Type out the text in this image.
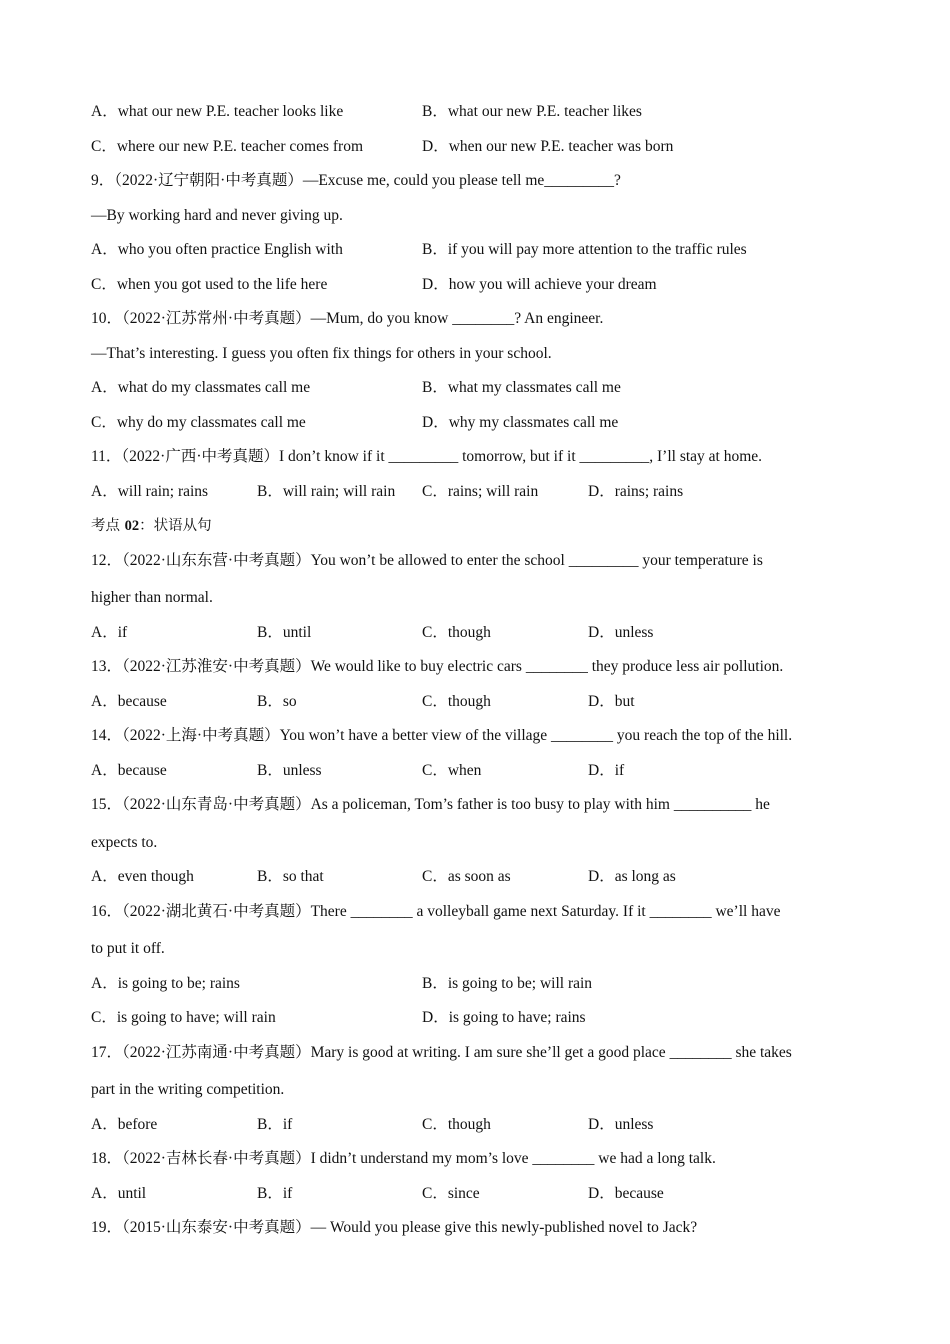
A．what our new P.E. teacher looks like	B．what our new P.E. teacher likes
C．where our new P.E. teacher comes from	D．when our new P.E. teacher was born
9．（2022·辽宁朝阳·中考真题）—Excuse me, could you please tell me_________?
—By working hard and never giving up.
A．who you often practice English with	B．if you will pay more attention to the traffic rules
C．when you got used to the life here	D．how you will achieve your dream
10．（2022·江苏常州·中考真题）—Mum, do you know ________? An engineer.
—That’s interesting. I guess you often fix things for others in your school.
A．what do my classmates call me	B．what my classmates call me
C．why do my classmates call me	D．why my classmates call me
11．（2022·广西·中考真题）I don’t know if it _________ tomorrow, but if it _________, I’ll stay at home.
A．will rain; rains	B．will rain; will rain C．rains; will rain	D．rains; rains
考点 02：状语从句
12．（2022·山东东营·中考真题）You won’t be allowed to enter the school _________ your temperature is
higher than normal.
A．if	B．until	C．though	D．unless
13．（2022·江苏淮安·中考真题）We would like to buy electric cars ________ they produce less air pollution.
A．because	B．so	C．though	D．but
14．（2022·上海·中考真题）You won’t have a better view of the village ________ you reach the top of the hill.
A．because	B．unless	C．when	D．if
15．（2022·山东青岛·中考真题）As a policeman, Tom’s father is too busy to play with him __________ he
expects to.
A．even though	B．so that	C．as soon as	D．as long as
16．（2022·湖北黄石·中考真题）There ________ a volleyball game next Saturday. If it ________ we’ll have
to put it off.
A．is going to be; rains	B．is going to be; will rain
C．is going to have; will rain	D．is going to have; rains
17．（2022·江苏南通·中考真题）Mary is good at writing. I am sure she’ll get a good place ________ she takes
part in the writing competition.
A．before	B．if	C．though	D．unless
18．（2022·吉林长春·中考真题）I didn’t understand my mom’s love ________ we had a long talk.
A．until	B．if	C．since	D．because
19．（2015·山东泰安·中考真题）— Would you please give this newly-published novel to Jack?
